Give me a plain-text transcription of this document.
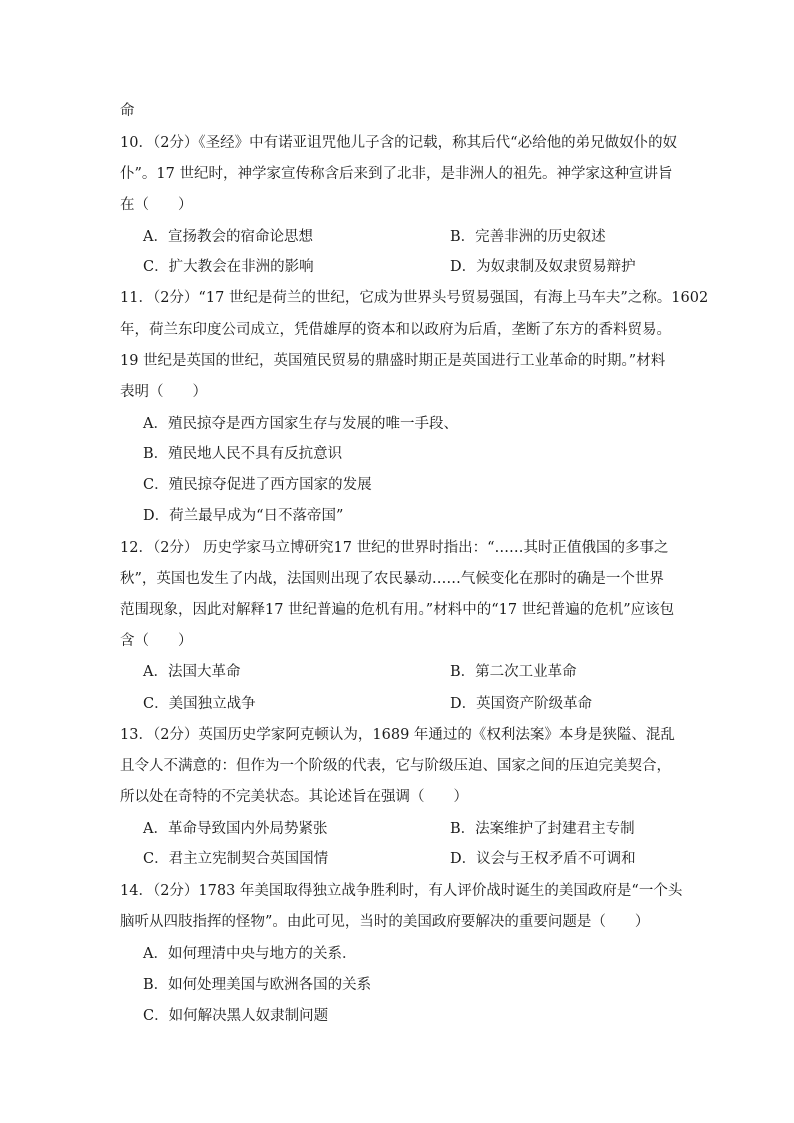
命
10．（2分）《圣经》中有诺亚诅咒他儿子含的记载，称其后代“必给他的弟兄做奴仆的奴
仆”。17 世纪时，神学家宣传称含后来到了北非，是非洲人的祖先。神学家这种宣讲旨
在（　　）
A．宣扬教会的宿命论思想	B．完善非洲的历史叙述
C．扩大教会在非洲的影响	D．为奴隶制及奴隶贸易辩护
11．（2分）“17 世纪是荷兰的世纪，它成为世界头号贸易强国，有海上马车夫”之称。1602
年，荷兰东印度公司成立，凭借雄厚的资本和以政府为后盾，垄断了东方的香料贸易。
19 世纪是英国的世纪，英国殖民贸易的鼎盛时期正是英国进行工业革命的时期。”材料
表明（　　）
A．殖民掠夺是西方国家生存与发展的唯一手段、
B．殖民地人民不具有反抗意识
C．殖民掠夺促进了西方国家的发展
D．荷兰最早成为“日不落帝国”
12．（2分） 历史学家马立博研究17 世纪的世界时指出：“……其时正值俄国的多事之
秋”，英国也发生了内战，法国则出现了农民暴动……气候变化在那时的确是一个世界
范围现象，因此对解释17 世纪普遍的危机有用。”材料中的“17 世纪普遍的危机”应该包
含（　　）
A．法国大革命	B．第二次工业革命
C．美国独立战争	D．英国资产阶级革命
13．（2分）英国历史学家阿克顿认为，1689 年通过的《权利法案》本身是狭隘、混乱
且令人不满意的：但作为一个阶级的代表，它与阶级压迫、国家之间的压迫完美契合，
所以处在奇特的不完美状态。其论述旨在强调（　　）
A．革命导致国内外局势紧张	B．法案维护了封建君主专制
C．君主立宪制契合英国国情	D．议会与王权矛盾不可调和
14．（2分）1783 年美国取得独立战争胜利时，有人评价战时诞生的美国政府是“一个头
脑听从四肢指挥的怪物”。由此可见，当时的美国政府要解决的重要问题是（　　）
A．如何理清中央与地方的关系．
B．如何处理美国与欧洲各国的关系
C．如何解决黑人奴隶制问题
